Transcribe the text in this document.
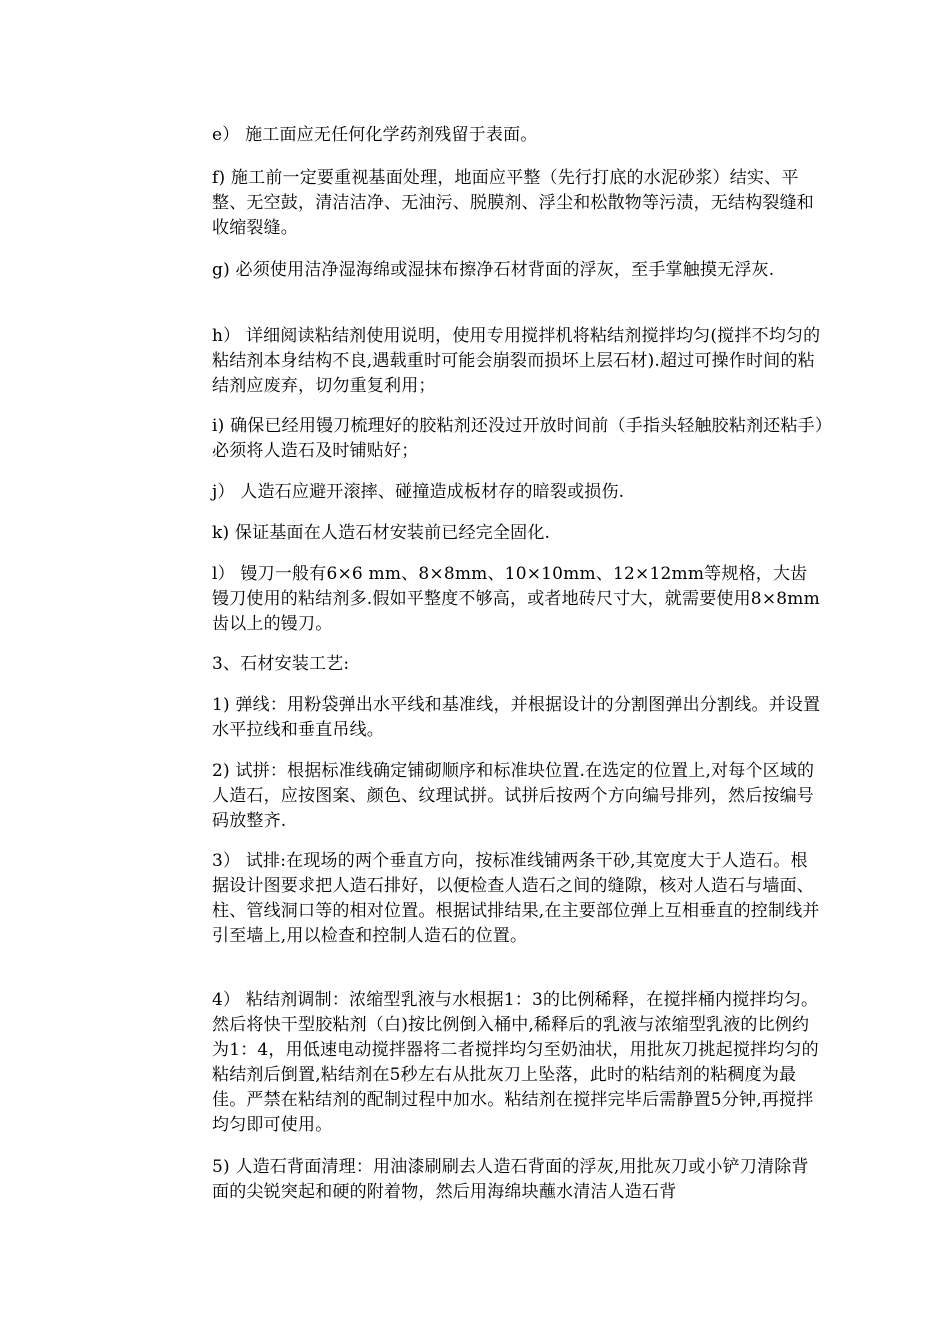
e） 施工面应无任何化学药剂残留于表面。

f) 施工前一定要重视基面处理，地面应平整（先行打底的水泥砂浆）结实、平整、无空鼓，清洁洁净、无油污、脱膜剂、浮尘和松散物等污渍，无结构裂缝和收缩裂缝。

g) 必须使用洁净湿海绵或湿抹布擦净石材背面的浮灰，至手掌触摸无浮灰.

h） 详细阅读粘结剂使用说明，使用专用搅拌机将粘结剂搅拌均匀(搅拌不均匀的粘结剂本身结构不良,遇载重时可能会崩裂而损坏上层石材).超过可操作时间的粘结剂应废弃，切勿重复利用；

i) 确保已经用镘刀梳理好的胶粘剂还没过开放时间前（手指头轻触胶粘剂还粘手）必须将人造石及时铺贴好；

j） 人造石应避开滚摔、碰撞造成板材存的暗裂或损伤.

k) 保证基面在人造石材安装前已经完全固化.

l） 镘刀一般有6×6 mm、8×8mm、10×10mm、12×12mm等规格，大齿镘刀使用的粘结剂多.假如平整度不够高，或者地砖尺寸大，就需要使用8×8mm齿以上的镘刀。

3、石材安装工艺:

1) 弹线：用粉袋弹出水平线和基准线，并根据设计的分割图弹出分割线。并设置水平拉线和垂直吊线。

2) 试拼：根据标准线确定铺砌顺序和标准块位置.在选定的位置上,对每个区域的人造石，应按图案、颜色、纹理试拼。试拼后按两个方向编号排列，然后按编号码放整齐.

3） 试排:在现场的两个垂直方向，按标准线铺两条干砂,其宽度大于人造石。根据设计图要求把人造石排好，以便检查人造石之间的缝隙，核对人造石与墙面、柱、管线洞口等的相对位置。根据试排结果,在主要部位弹上互相垂直的控制线并引至墙上,用以检查和控制人造石的位置。

4） 粘结剂调制：浓缩型乳液与水根据1：3的比例稀释，在搅拌桶内搅拌均匀。然后将快干型胶粘剂（白)按比例倒入桶中,稀释后的乳液与浓缩型乳液的比例约为1：4，用低速电动搅拌器将二者搅拌均匀至奶油状，用批灰刀挑起搅拌均匀的粘结剂后倒置,粘结剂在5秒左右从批灰刀上坠落，此时的粘结剂的粘稠度为最佳。严禁在粘结剂的配制过程中加水。粘结剂在搅拌完毕后需静置5分钟,再搅拌均匀即可使用。

5) 人造石背面清理：用油漆刷刷去人造石背面的浮灰,用批灰刀或小铲刀清除背面的尖锐突起和硬的附着物，然后用海绵块蘸水清洁人造石背
